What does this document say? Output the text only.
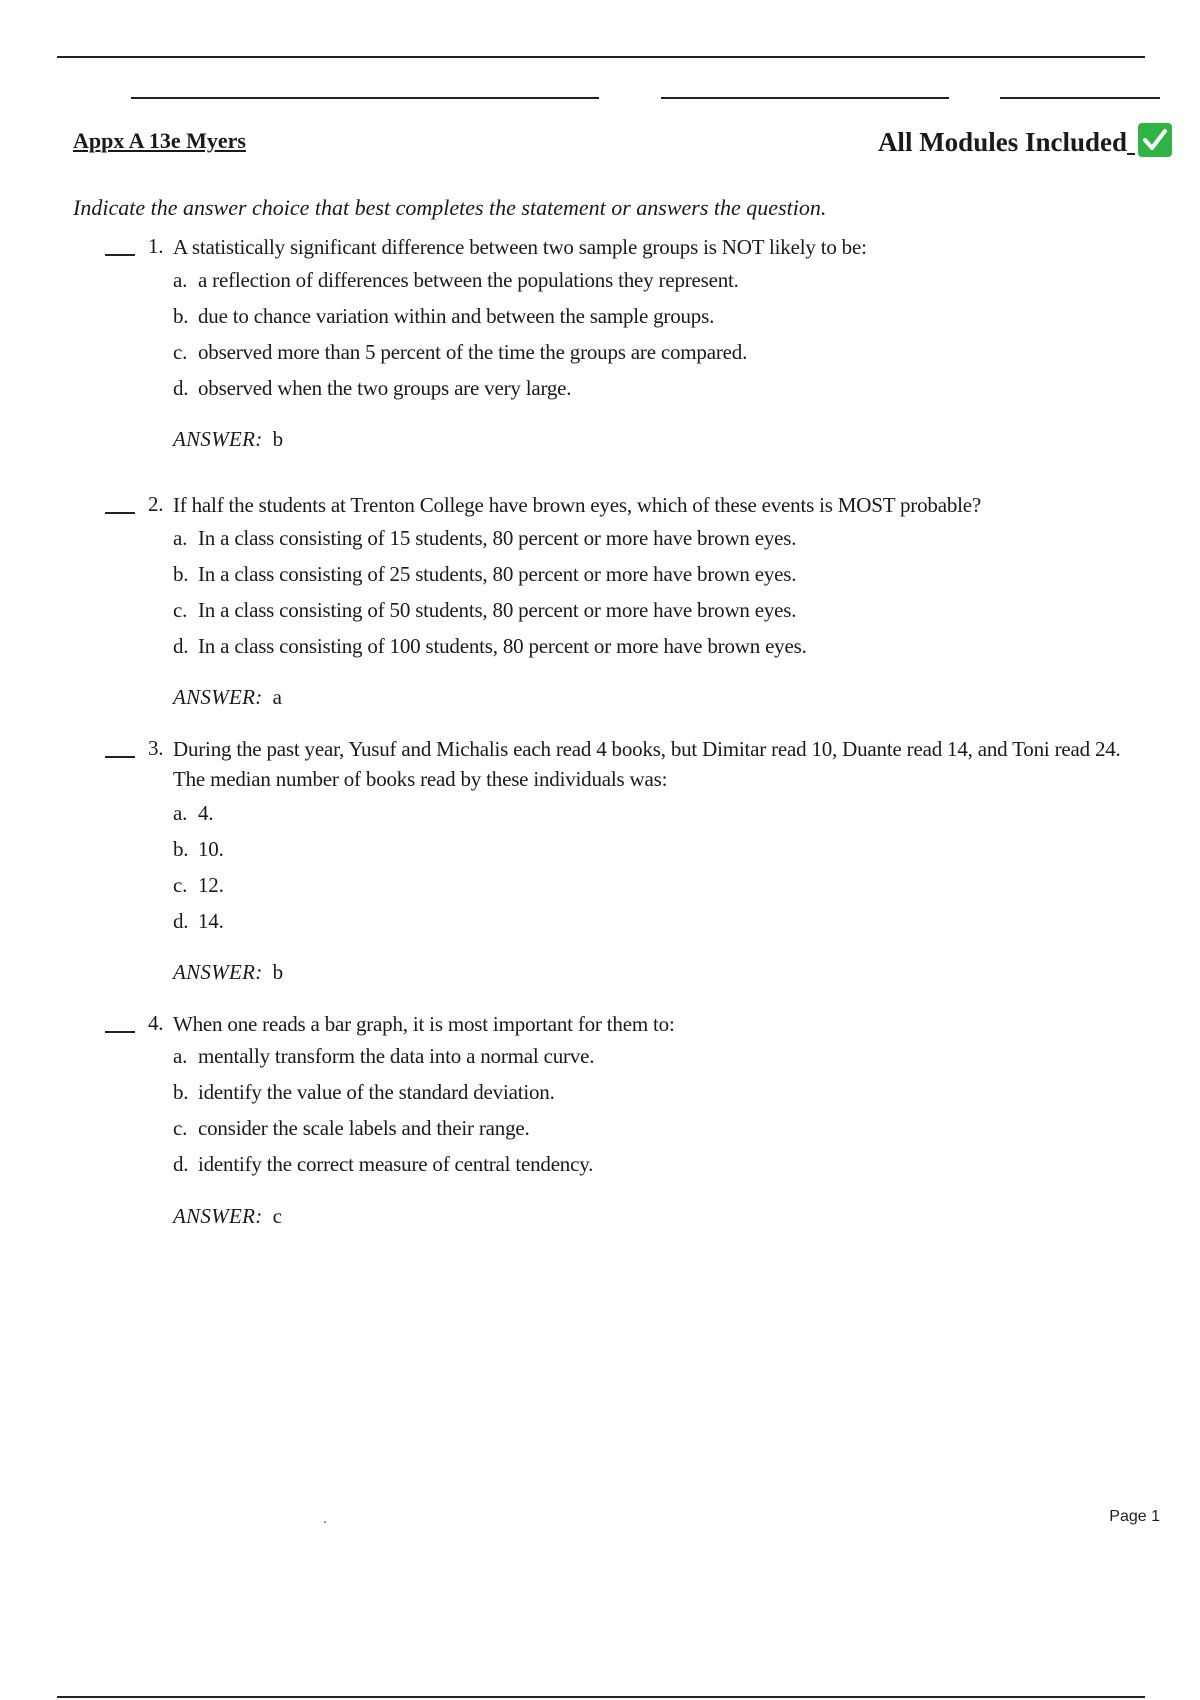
Appx A 13e Myers	All Modules Included
Indicate the answer choice that best completes the statement or answers the question.
1. A statistically significant difference between two sample groups is NOT likely to be:
a. a reflection of differences between the populations they represent.
b. due to chance variation within and between the sample groups.
c. observed more than 5 percent of the time the groups are compared.
d. observed when the two groups are very large.
ANSWER: b
2. If half the students at Trenton College have brown eyes, which of these events is MOST probable?
a. In a class consisting of 15 students, 80 percent or more have brown eyes.
b. In a class consisting of 25 students, 80 percent or more have brown eyes.
c. In a class consisting of 50 students, 80 percent or more have brown eyes.
d. In a class consisting of 100 students, 80 percent or more have brown eyes.
ANSWER: a
3. During the past year, Yusuf and Michalis each read 4 books, but Dimitar read 10, Duante read 14, and Toni read 24. The median number of books read by these individuals was:
a. 4.
b. 10.
c. 12.
d. 14.
ANSWER: b
4. When one reads a bar graph, it is most important for them to:
a. mentally transform the data into a normal curve.
b. identify the value of the standard deviation.
c. consider the scale labels and their range.
d. identify the correct measure of central tendency.
ANSWER: c
Page 1
